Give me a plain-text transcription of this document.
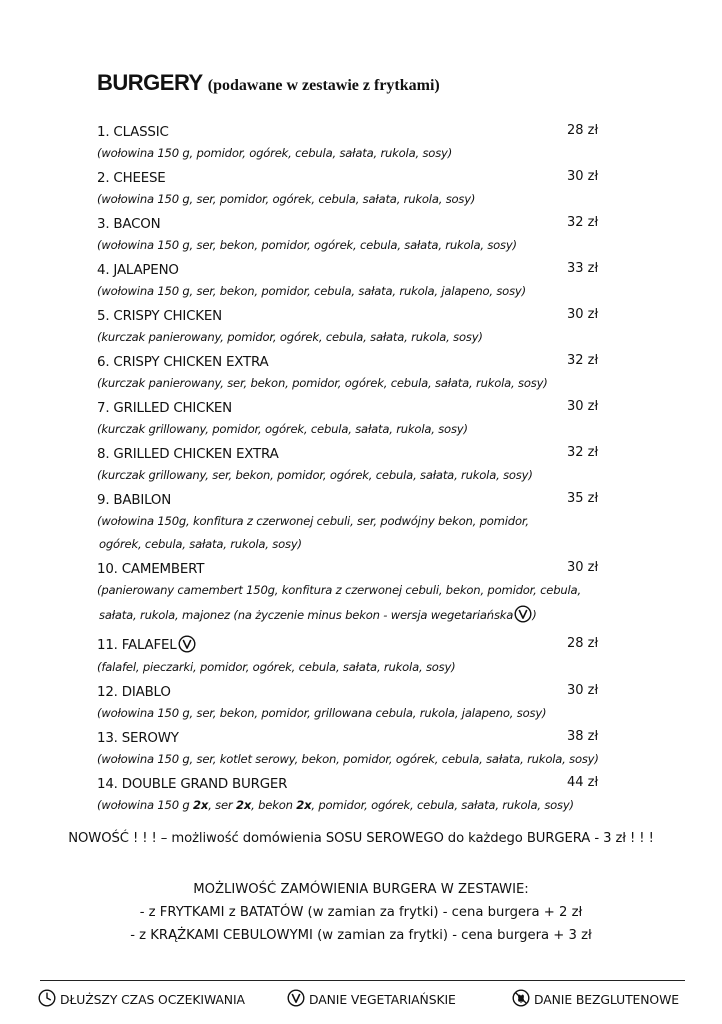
BURGERY (podawane w zestawie z frytkami)
1. CLASSIC	28 zł
(wołowina 150 g, pomidor, ogórek, cebula, sałata, rukola, sosy)
2. CHEESE	30 zł
(wołowina 150 g, ser, pomidor, ogórek, cebula, sałata, rukola, sosy)
3. BACON	32 zł
(wołowina 150 g, ser, bekon, pomidor, ogórek, cebula, sałata, rukola, sosy)
4. JALAPENO	33 zł
(wołowina 150 g, ser, bekon, pomidor, cebula, sałata, rukola, jalapeno, sosy)
5. CRISPY CHICKEN	30 zł
(kurczak panierowany, pomidor, ogórek, cebula, sałata, rukola, sosy)
6. CRISPY CHICKEN EXTRA	32 zł
(kurczak panierowany, ser, bekon, pomidor, ogórek, cebula, sałata, rukola, sosy)
7. GRILLED CHICKEN	30 zł
(kurczak grillowany, pomidor, ogórek, cebula, sałata, rukola, sosy)
8. GRILLED CHICKEN EXTRA	32 zł
(kurczak grillowany, ser, bekon, pomidor, ogórek, cebula, sałata, rukola, sosy)
9. BABILON	35 zł
(wołowina 150g, konfitura z czerwonej cebuli, ser, podwójny bekon, pomidor,
ogórek, cebula, sałata, rukola, sosy)
10. CAMEMBERT	30 zł
(panierowany camembert 150g, konfitura z czerwonej cebuli, bekon, pomidor, cebula,
sałata, rukola, majonez (na życzenie minus bekon - wersja wegetariańska )
11. FALAFEL	28 zł
(falafel, pieczarki, pomidor, ogórek, cebula, sałata, rukola, sosy)
12. DIABLO	30 zł
(wołowina 150 g, ser, bekon, pomidor, grillowana cebula, rukola, jalapeno, sosy)
13. SEROWY	38 zł
(wołowina 150 g, ser, kotlet serowy, bekon, pomidor, ogórek, cebula, sałata, rukola, sosy)
14. DOUBLE GRAND BURGER	44 zł
(wołowina 150 g 2x, ser 2x, bekon 2x, pomidor, ogórek, cebula, sałata, rukola, sosy)
NOWOŚĆ ! ! ! – możliwość domówienia SOSU SEROWEGO do każdego BURGERA - 3 zł ! ! !
MOŻLIWOŚĆ ZAMÓWIENIA BURGERA W ZESTAWIE:
- z FRYTKAMI z BATATÓW (w zamian za frytki) - cena burgera + 2 zł
- z KRĄŻKAMI CEBULOWYMI (w zamian za frytki) - cena burgera + 3 zł
DŁUŻSZY CZAS OCZEKIWANIA	DANIE VEGETARIAŃSKIE	DANIE BEZGLUTENOWE
